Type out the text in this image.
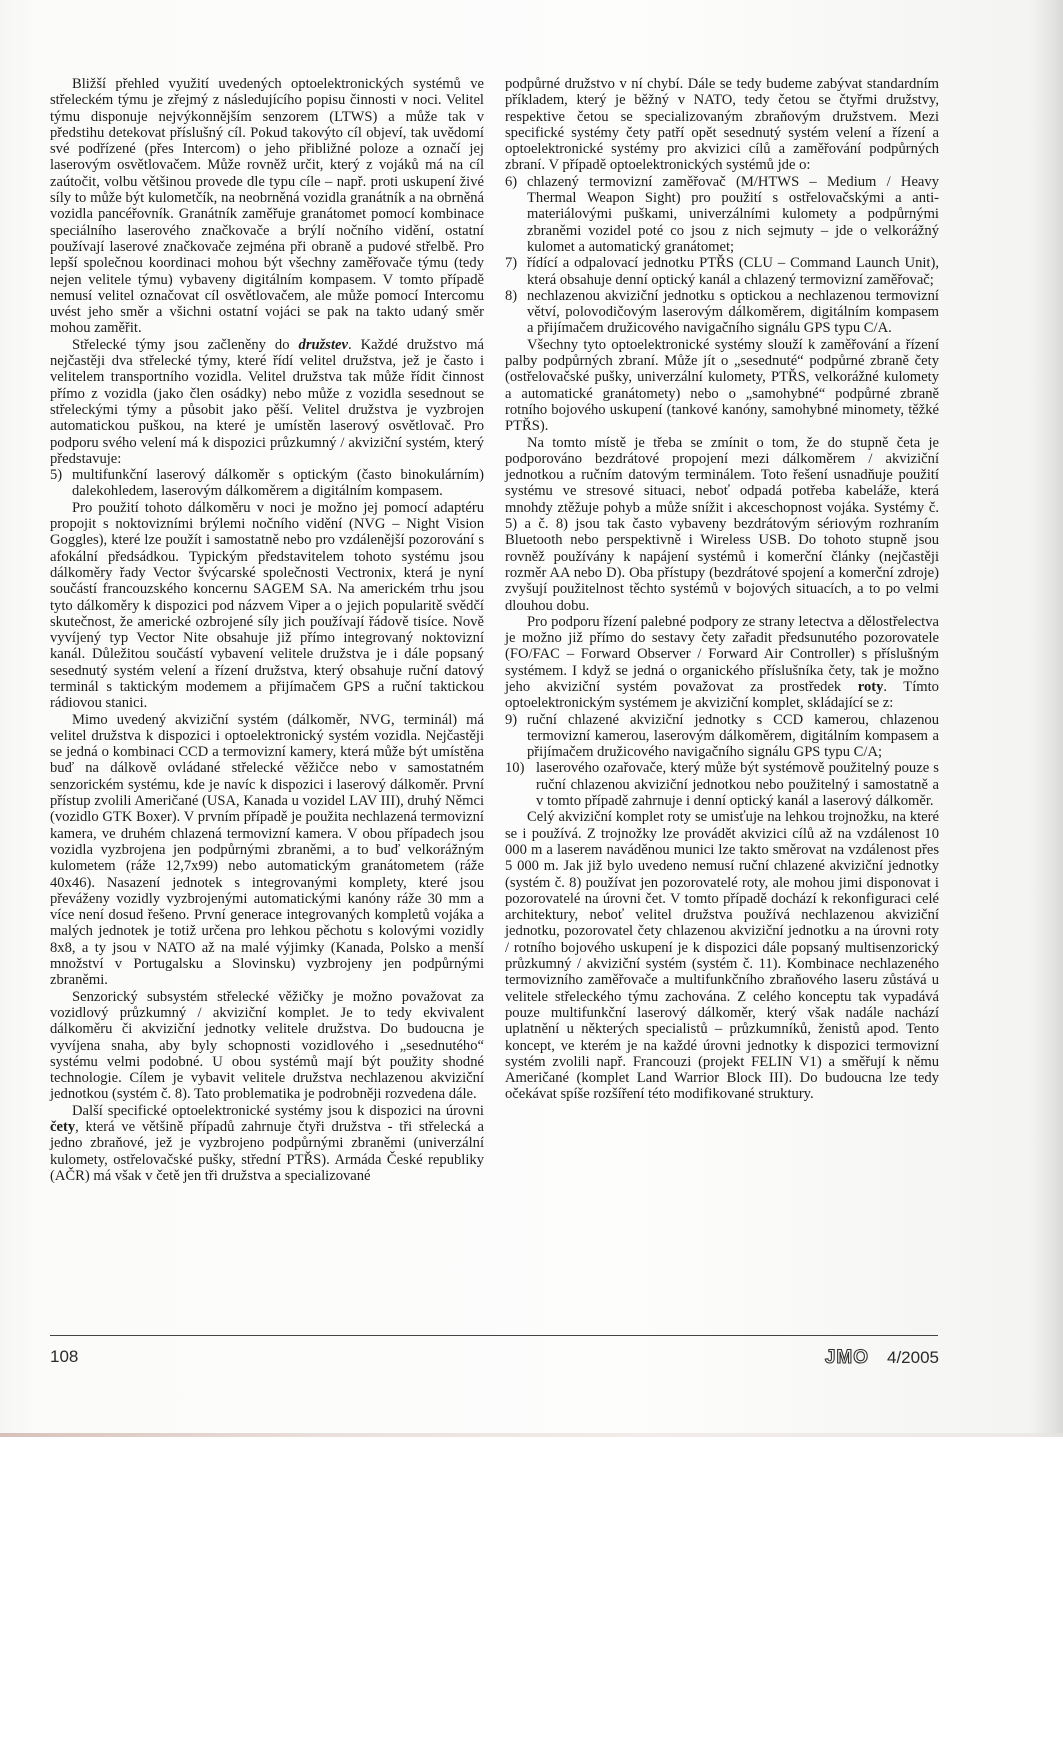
Bližší přehled využití uvedených optoelektronických systémů ve střeleckém týmu je zřejmý z následujícího popisu činnosti v noci. Velitel týmu disponuje nejvýkonnějším senzorem (LTWS) a může tak v předstihu detekovat příslušný cíl. Pokud takovýto cíl objeví, tak uvědomí své podřízené (přes Intercom) o jeho přibližné poloze a označí jej laserovým osvětlovačem. Může rovněž určit, který z vojáků má na cíl zaútočit, volbu většinou provede dle typu cíle – např. proti uskupení živé síly to může být kulometčík, na neobrněná vozidla granátník a na obrněná vozidla pancéřovník. Granátník zaměřuje granátomet pomocí kombinace speciálního laserového značkovače a brýlí nočního vidění, ostatní používají laserové značkovače zejména při obraně a pudové střelbě. Pro lepší společnou koordinaci mohou být všechny zaměřovače týmu (tedy nejen velitele týmu) vybaveny digitálním kompasem. V tomto případě nemusí velitel označovat cíl osvětlovačem, ale může pomocí Intercomu uvést jeho směr a všichni ostatní vojáci se pak na takto udaný směr mohou zaměřit.

Střelecké týmy jsou začleněny do družstev. Každé družstvo má nejčastěji dva střelecké týmy, které řídí velitel družstva, jež je často i velitelem transportního vozidla. Velitel družstva tak může řídit činnost přímo z vozidla (jako člen osádky) nebo může z vozidla sesednout se střeleckými týmy a působit jako pěší. Velitel družstva je vyzbrojen automatickou puškou, na které je umístěn laserový osvětlovač. Pro podporu svého velení má k dispozici průzkumný / akviziční systém, který představuje:

5) multifunkční laserový dálkoměr s optickým (často binokulárním) dalekohledem, laserovým dálkoměrem a digitálním kompasem.

Pro použití tohoto dálkoměru v noci je možno jej pomocí adaptéru propojit s noktovizními brýlemi nočního vidění (NVG – Night Vision Goggles), které lze použít i samostatně nebo pro vzdálenější pozorování s afokální předsádkou. Typickým představitelem tohoto systému jsou dálkoměry řady Vector švýcarské společnosti Vectronix, která je nyní součástí francouzského koncernu SAGEM SA. Na americkém trhu jsou tyto dálkoměry k dispozici pod názvem Viper a o jejich popularitě svědčí skutečnost, že americké ozbrojené síly jich používají řádově tisíce. Nově vyvíjený typ Vector Nite obsahuje již přímo integrovaný noktovizní kanál. Důležitou součástí vybavení velitele družstva je i dále popsaný sesednutý systém velení a řízení družstva, který obsahuje ruční datový terminál s taktickým modemem a přijímačem GPS a ruční taktickou rádiovou stanici.

Mimo uvedený akviziční systém (dálkoměr, NVG, terminál) má velitel družstva k dispozici i optoelektronický systém vozidla. Nejčastěji se jedná o kombinaci CCD a termovizní kamery, která může být umístěna buď na dálkově ovládané střelecké věžičce nebo v samostatném senzorickém systému, kde je navíc k dispozici i laserový dálkoměr. První přístup zvolili Američané (USA, Kanada u vozidel LAV III), druhý Němci (vozidlo GTK Boxer). V prvním případě je použita nechlazená termovizní kamera, ve druhém chlazená termovizní kamera. V obou případech jsou vozidla vyzbrojena jen podpůrnými zbraněmi, a to buď velkorážným kulometem (ráže 12,7x99) nebo automatickým granátometem (ráže 40x46). Nasazení jednotek s integrovanými komplety, které jsou převáženy vozidly vyzbrojenými automatickými kanóny ráže 30 mm a více není dosud řešeno. První generace integrovaných kompletů vojáka a malých jednotek je totiž určena pro lehkou pěchotu s kolovými vozidly 8x8, a ty jsou v NATO až na malé výjimky (Kanada, Polsko a menší množství v Portugalsku a Slovinsku) vyzbrojeny jen podpůrnými zbraněmi.

Senzorický subsystém střelecké věžičky je možno považovat za vozidlový průzkumný / akviziční komplet. Je to tedy ekvivalent dálkoměru či akviziční jednotky velitele družstva. Do budoucna je vyvíjena snaha, aby byly schopnosti vozidlového i „sesednutého“ systému velmi podobné. U obou systémů mají být použity shodné technologie. Cílem je vybavit velitele družstva nechlazenou akviziční jednotkou (systém č. 8). Tato problematika je podrobněji rozvedena dále.

Další specifické optoelektronické systémy jsou k dispozici na úrovni čety, která ve většině případů zahrnuje čtyři družstva - tři střelecká a jedno zbraňové, jež je vyzbrojeno podpůrnými zbraněmi (univerzální kulomety, ostřelovačské pušky, střední PTŘS). Armáda České republiky (AČR) má však v četě jen tři družstva a specializované

podpůrné družstvo v ní chybí. Dále se tedy budeme zabývat standardním příkladem, který je běžný v NATO, tedy četou se čtyřmi družstvy, respektive četou se specializovaným zbraňovým družstvem. Mezi specifické systémy čety patří opět sesednutý systém velení a řízení a optoelektronické systémy pro akvizici cílů a zaměřování podpůrných zbraní. V případě optoelektronických systémů jde o:

6) chlazený termovizní zaměřovač (M/HTWS – Medium / Heavy Thermal Weapon Sight) pro použití s ostřelovačskými a anti-materiálovými puškami, univerzálními kulomety a podpůrnými zbraněmi vozidel poté co jsou z nich sejmuty – jde o velkorážný kulomet a automatický granátomet;
7) řídící a odpalovací jednotku PTŘS (CLU – Command Launch Unit), která obsahuje denní optický kanál a chlazený termovizní zaměřovač;
8) nechlazenou akviziční jednotku s optickou a nechlazenou termovizní větví, polovodičovým laserovým dálkoměrem, digitálním kompasem a přijímačem družicového navigačního signálu GPS typu C/A.

Všechny tyto optoelektronické systémy slouží k zaměřování a řízení palby podpůrných zbraní. Může jít o „sesednuté“ podpůrné zbraně čety (ostřelovačské pušky, univerzální kulomety, PTŘS, velkorážné kulomety a automatické granátomety) nebo o „samohybné“ podpůrné zbraně rotního bojového uskupení (tankové kanóny, samohybné minomety, těžké PTŘS).

Na tomto místě je třeba se zmínit o tom, že do stupně četa je podporováno bezdrátové propojení mezi dálkoměrem / akviziční jednotkou a ručním datovým terminálem. Toto řešení usnadňuje použití systému ve stresové situaci, neboť odpadá potřeba kabeláže, která mnohdy ztěžuje pohyb a může snížit i akceschopnost vojáka. Systémy č. 5) a č. 8) jsou tak často vybaveny bezdrátovým sériovým rozhraním Bluetooth nebo perspektivně i Wireless USB. Do tohoto stupně jsou rovněž používány k napájení systémů i komerční články (nejčastěji rozměr AA nebo D). Oba přístupy (bezdrátové spojení a komerční zdroje) zvyšují použitelnost těchto systémů v bojových situacích, a to po velmi dlouhou dobu.

Pro podporu řízení palebné podpory ze strany letectva a dělostřelectva je možno již přímo do sestavy čety zařadit předsunutého pozorovatele (FO/FAC – Forward Observer / Forward Air Controller) s příslušným systémem. I když se jedná o organického příslušníka čety, tak je možno jeho akviziční systém považovat za prostředek roty. Tímto optoelektronickým systémem je akviziční komplet, skládající se z:

9) ruční chlazené akviziční jednotky s CCD kamerou, chlazenou termovizní kamerou, laserovým dálkoměrem, digitálním kompasem a přijímačem družicového navigačního signálu GPS typu C/A;
10) laserového ozařovače, který může být systémově použitelný pouze s ruční chlazenou akviziční jednotkou nebo použitelný i samostatně a v tomto případě zahrnuje i denní optický kanál a laserový dálkoměr.

Celý akviziční komplet roty se umisťuje na lehkou trojnožku, na které se i používá. Z trojnožky lze provádět akvizici cílů až na vzdálenost 10 000 m a laserem naváděnou munici lze takto směrovat na vzdálenost přes 5 000 m. Jak již bylo uvedeno nemusí ruční chlazené akviziční jednotky (systém č. 8) používat jen pozorovatelé roty, ale mohou jimi disponovat i pozorovatelé na úrovni čet. V tomto případě dochází k rekonfiguraci celé architektury, neboť velitel družstva používá nechlazenou akviziční jednotku, pozorovatel čety chlazenou akviziční jednotku a na úrovni roty / rotního bojového uskupení je k dispozici dále popsaný multisenzorický průzkumný / akviziční systém (systém č. 11). Kombinace nechlazeného termovizního zaměřovače a multifunkčního zbraňového laseru zůstává u velitele střeleckého týmu zachována. Z celého konceptu tak vypadává pouze multifunkční laserový dálkoměr, který však nadále nachází uplatnění u některých specialistů – průzkumníků, ženistů apod. Tento koncept, ve kterém je na každé úrovni jednotky k dispozici termovizní systém zvolili např. Francouzi (projekt FELIN V1) a směřují k němu Američané (komplet Land Warrior Block III). Do budoucna lze tedy očekávat spíše rozšíření této modifikované struktury.

108	JMO 4/2005
